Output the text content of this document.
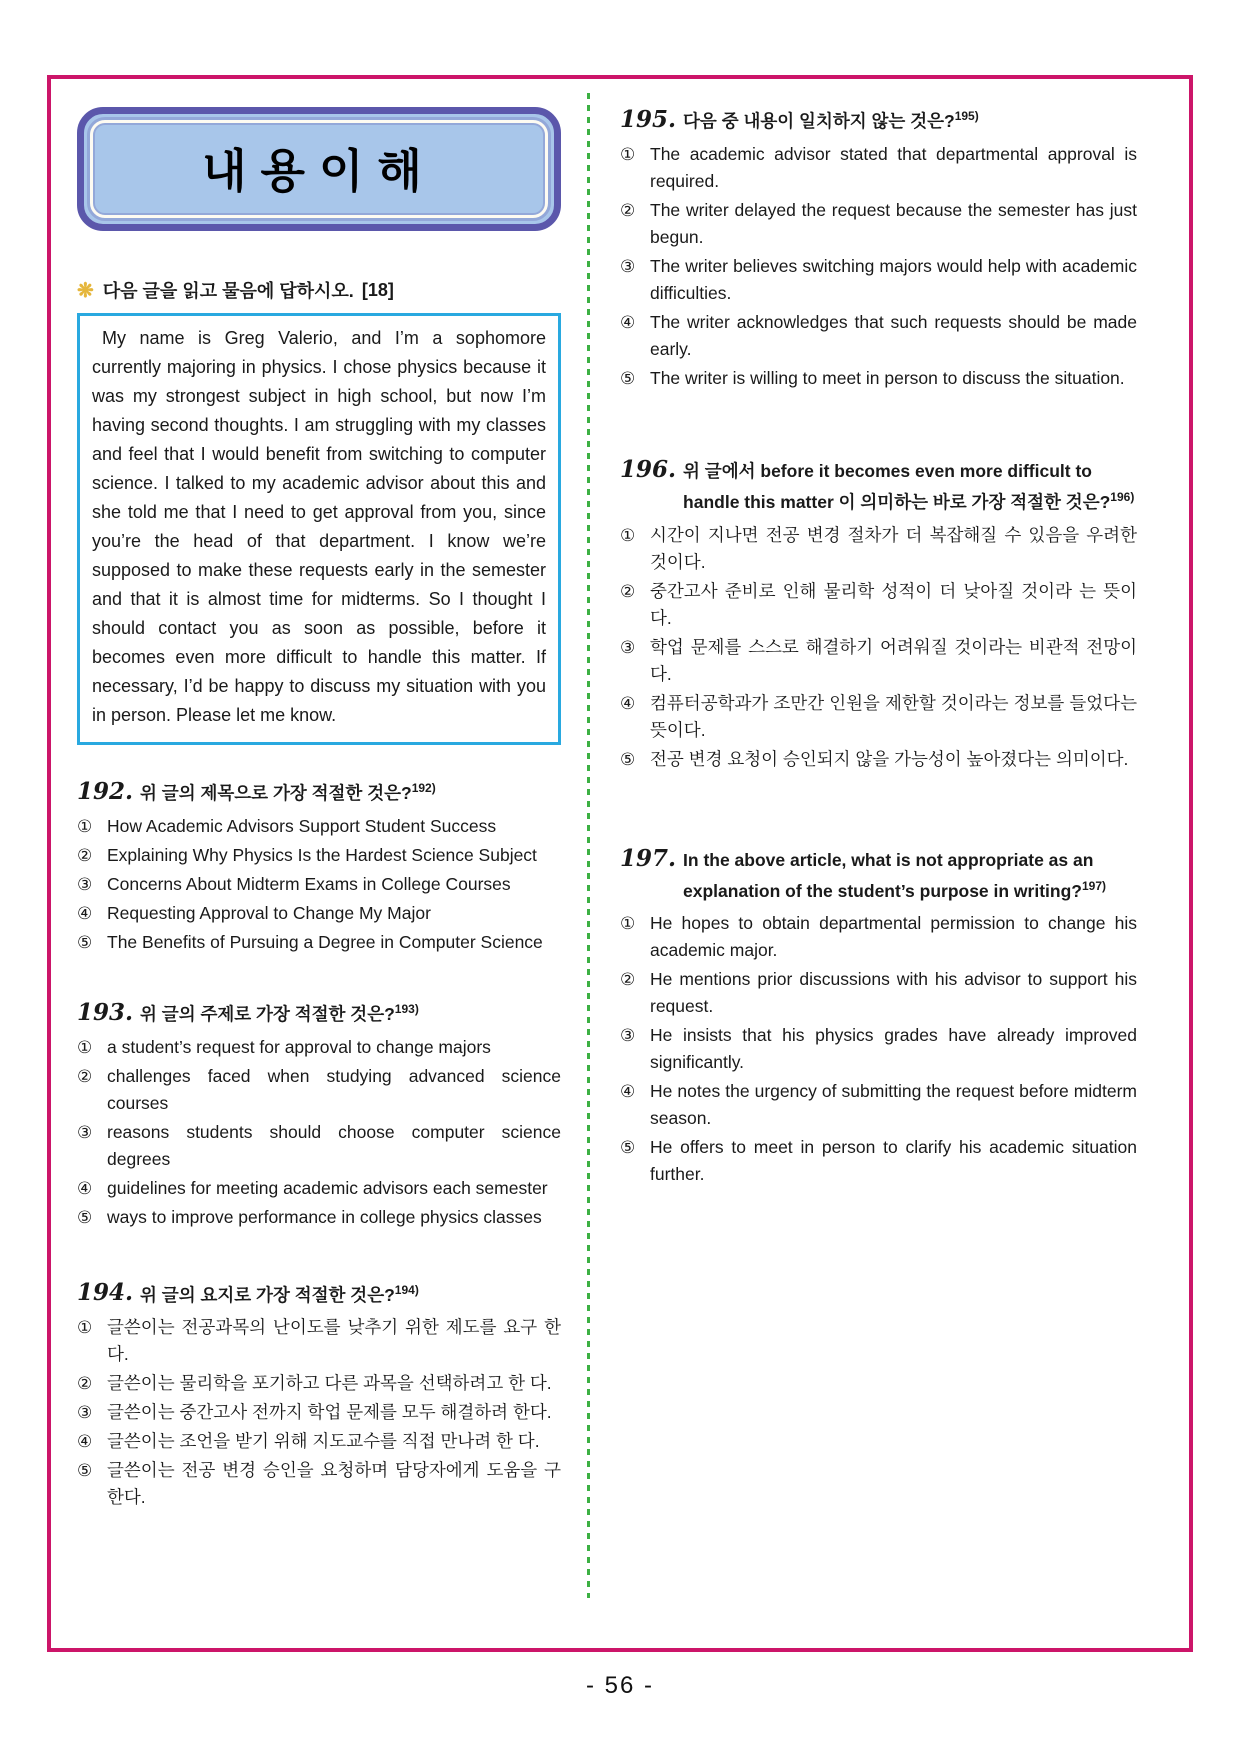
내용이해
❋ 다음 글을 읽고 물음에 답하시오. [18]
My name is Greg Valerio, and I’m a sophomore currently majoring in physics. I chose physics because it was my strongest subject in high school, but now I’m having second thoughts. I am struggling with my classes and feel that I would benefit from switching to computer science. I talked to my academic advisor about this and she told me that I need to get approval from you, since you’re the head of that department. I know we’re supposed to make these requests early in the semester and that it is almost time for midterms. So I thought I should contact you as soon as possible, before it becomes even more difficult to handle this matter. If necessary, I’d be happy to discuss my situation with you in person. Please let me know.
192. 위 글의 제목으로 가장 적절한 것은?$^{192)}$
① How Academic Advisors Support Student Success
② Explaining Why Physics Is the Hardest Science Subject
③ Concerns About Midterm Exams in College Courses
④ Requesting Approval to Change My Major
⑤ The Benefits of Pursuing a Degree in Computer Science
193. 위 글의 주제로 가장 적절한 것은?$^{193)}$
① a student’s request for approval to change majors
② challenges faced when studying advanced science courses
③ reasons students should choose computer science degrees
④ guidelines for meeting academic advisors each semester
⑤ ways to improve performance in college physics classes
194. 위 글의 요지로 가장 적절한 것은?$^{194)}$
① 글쓴이는 전공과목의 난이도를 낮추기 위한 제도를 요구 한다.
② 글쓴이는 물리학을 포기하고 다른 과목을 선택하려고 한 다.
③ 글쓴이는 중간고사 전까지 학업 문제를 모두 해결하려 한다.
④ 글쓴이는 조언을 받기 위해 지도교수를 직접 만나려 한 다.
⑤ 글쓴이는 전공 변경 승인을 요청하며 담당자에게 도움을 구한다.
195. 다음 중 내용이 일치하지 않는 것은?$^{195)}$
① The academic advisor stated that departmental approval is required.
② The writer delayed the request because the semester has just begun.
③ The writer believes switching majors would help with academic difficulties.
④ The writer acknowledges that such requests should be made early.
⑤ The writer is willing to meet in person to discuss the situation.
196. 위 글에서 before it becomes even more difficult to handle this matter 이 의미하는 바로 가장 적절한 것은?$^{196)}$
① 시간이 지나면 전공 변경 절차가 더 복잡해질 수 있음을 우려한 것이다.
② 중간고사 준비로 인해 물리학 성적이 더 낮아질 것이라 는 뜻이다.
③ 학업 문제를 스스로 해결하기 어려워질 것이라는 비관적 전망이다.
④ 컴퓨터공학과가 조만간 인원을 제한할 것이라는 정보를 들었다는 뜻이다.
⑤ 전공 변경 요청이 승인되지 않을 가능성이 높아졌다는 의미이다.
197. In the above article, what is not appropriate as an explanation of the student’s purpose in writing?$^{197)}$
① He hopes to obtain departmental permission to change his academic major.
② He mentions prior discussions with his advisor to support his request.
③ He insists that his physics grades have already improved significantly.
④ He notes the urgency of submitting the request before midterm season.
⑤ He offers to meet in person to clarify his academic situation further.
- 56 -
